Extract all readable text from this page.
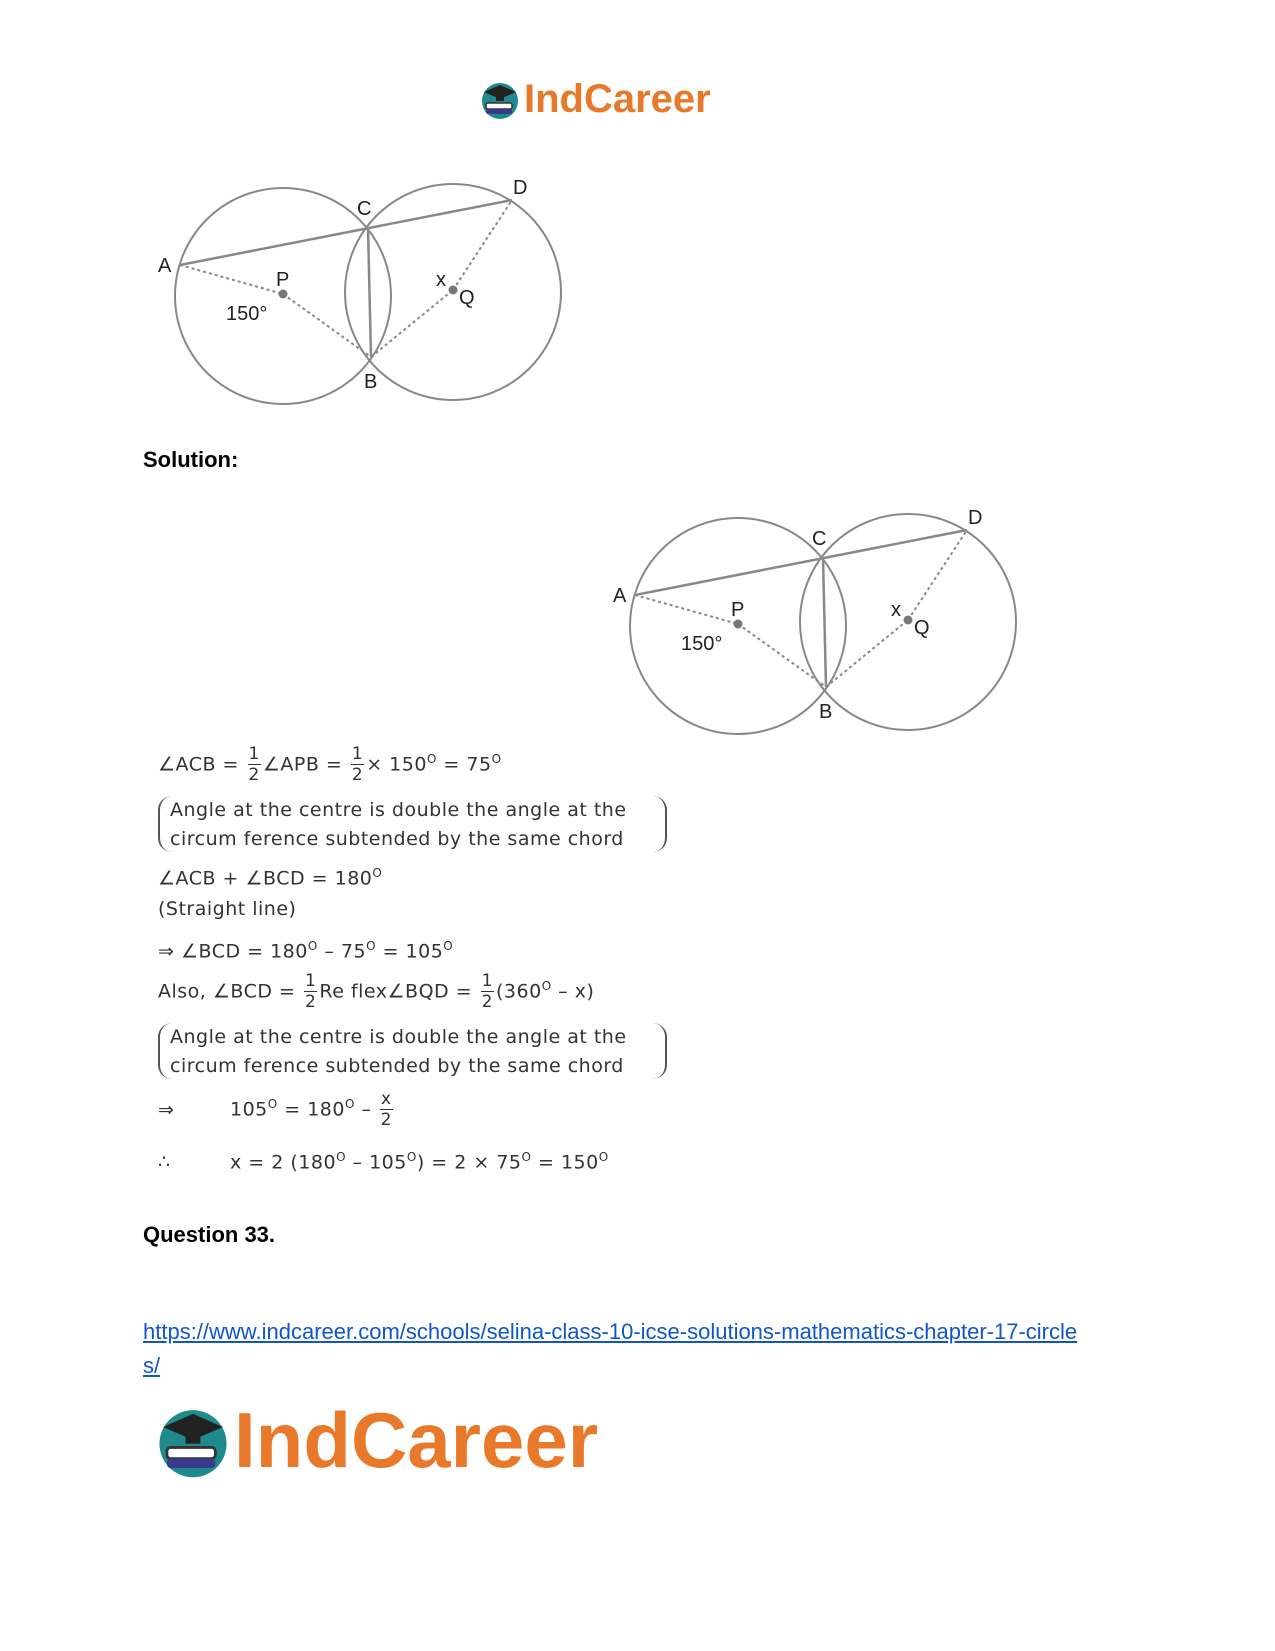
IndCareer
A
P
150°
C
D
x
Q
B
Solution:
A
P
150°
C
D
x
Q
B
∠ACB = $\frac{1}{2}$ ∠APB = $\frac{1}{2} \times 150^O = 75^O$
Angle at the centre is double the angle at the
circum ference subtended by the same chord
∠ACB + ∠BCD = $180^O$
(Straight line)
⇒ ∠BCD = $180^O - 75^O = 105^O$
Also, ∠BCD = $\frac{1}{2}$ Re flex∠BQD = $\frac{1}{2} (360^O - x)$
Angle at the centre is double the angle at the
circum ference subtended by the same chord
⇒	$105^O = 180^O - \frac{x}{2}$
∴	x = 2 $(180^O - 105^O) = 2 \times 75^O = 150^O$
Question 33.
https://www.indcareer.com/schools/selina-class-10-icse-solutions-mathematics-chapter-17-circle
s/
IndCareer
